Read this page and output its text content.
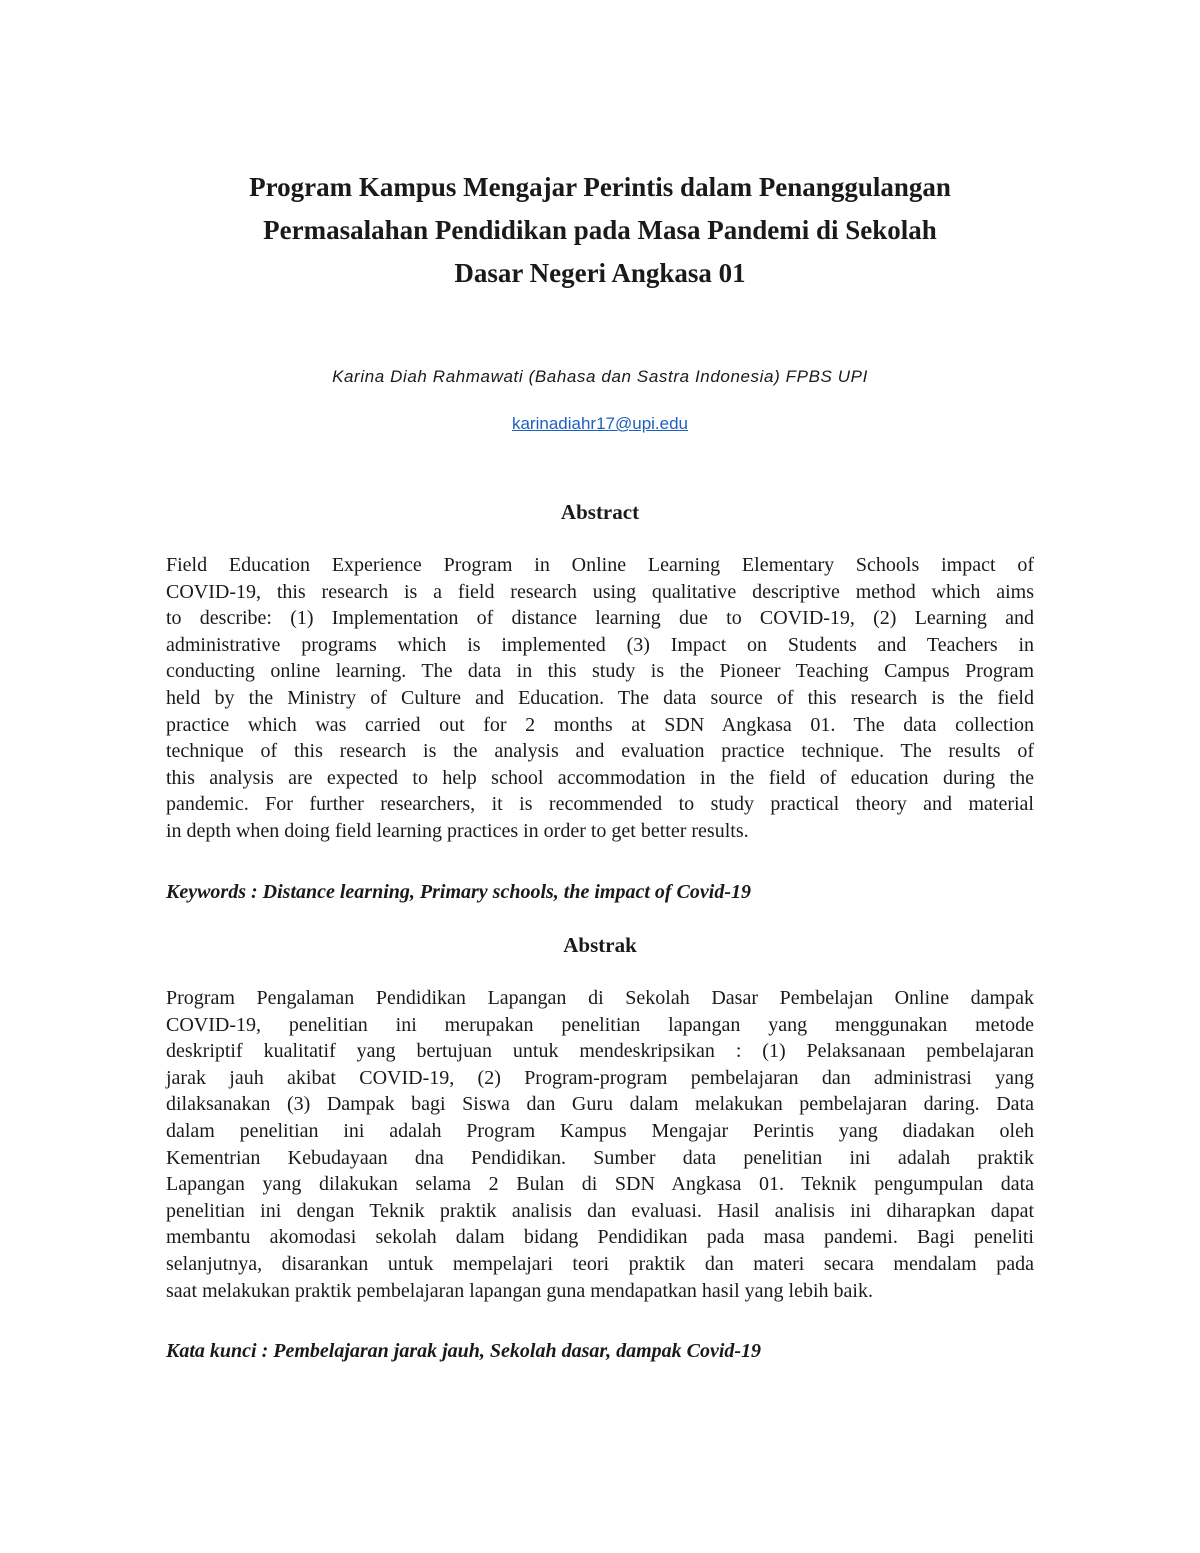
Program Kampus Mengajar Perintis dalam Penanggulangan
Permasalahan Pendidikan pada Masa Pandemi di Sekolah
Dasar Negeri Angkasa 01

Karina Diah Rahmawati (Bahasa dan Sastra Indonesia) FPBS UPI

karinadiahr17@upi.edu
Abstract
Field Education Experience Program in Online Learning Elementary Schools impact of
COVID-19, this research is a field research using qualitative descriptive method which aims
to describe: (1) Implementation of distance learning due to COVID-19, (2) Learning and
administrative programs which is implemented (3) Impact on Students and Teachers in
conducting online learning. The data in this study is the Pioneer Teaching Campus Program
held by the Ministry of Culture and Education. The data source of this research is the field
practice which was carried out for 2 months at SDN Angkasa 01. The data collection
technique of this research is the analysis and evaluation practice technique. The results of
this analysis are expected to help school accommodation in the field of education during the
pandemic. For further researchers, it is recommended to study practical theory and material
in depth when doing field learning practices in order to get better results.

Keywords : Distance learning, Primary schools, the impact of Covid-19

Abstrak
Program Pengalaman Pendidikan Lapangan di Sekolah Dasar Pembelajan Online dampak
COVID-19, penelitian ini merupakan penelitian lapangan yang menggunakan metode
deskriptif kualitatif yang bertujuan untuk mendeskripsikan : (1) Pelaksanaan pembelajaran
jarak jauh akibat COVID-19, (2) Program-program pembelajaran dan administrasi yang
dilaksanakan (3) Dampak bagi Siswa dan Guru dalam melakukan pembelajaran daring. Data
dalam penelitian ini adalah Program Kampus Mengajar Perintis yang diadakan oleh
Kementrian Kebudayaan dna Pendidikan. Sumber data penelitian ini adalah praktik
Lapangan yang dilakukan selama 2 Bulan di SDN Angkasa 01. Teknik pengumpulan data
penelitian ini dengan Teknik praktik analisis dan evaluasi. Hasil analisis ini diharapkan dapat
membantu akomodasi sekolah dalam bidang Pendidikan pada masa pandemi. Bagi peneliti
selanjutnya, disarankan untuk mempelajari teori praktik dan materi secara mendalam pada
saat melakukan praktik pembelajaran lapangan guna mendapatkan hasil yang lebih baik.

Kata kunci : Pembelajaran jarak jauh, Sekolah dasar, dampak Covid-19
